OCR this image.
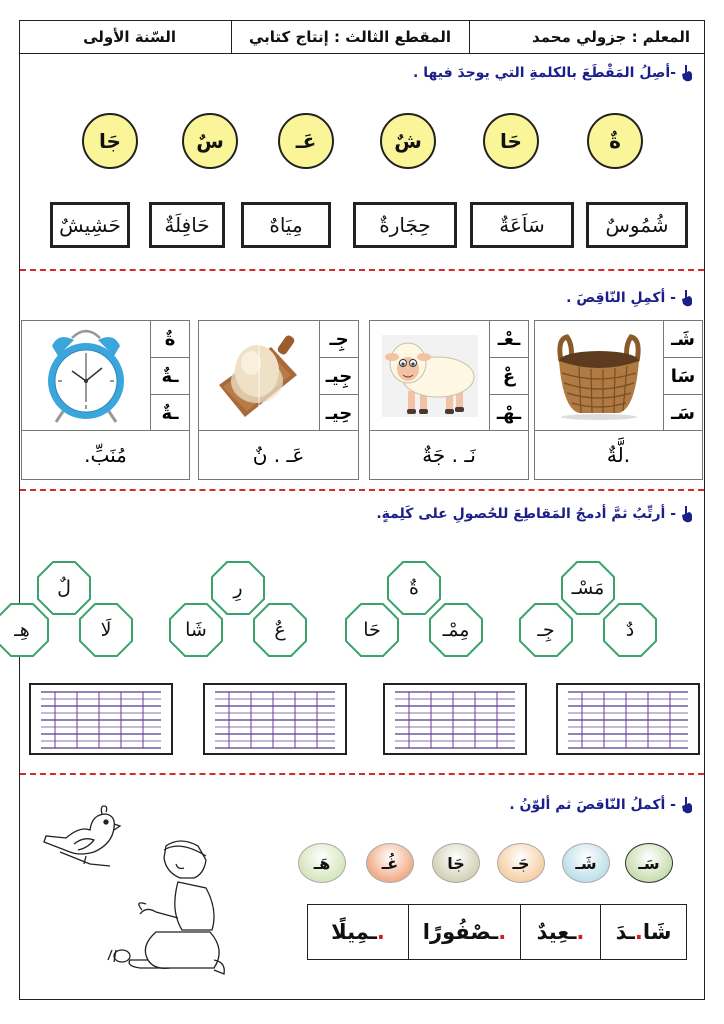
المعلم : جزولي محمد
المقطع الثالث : إنتاج كتابي
السّنة الأولى
-أصِلُ المَقْطَعَ بالكلمةِ التي يوجدَ فيها .
ةٌ
حَا
شٌ
عَـ
سٌ
جَا
شُمُوسٌ
سَاَعَةٌ
حِجَارةٌ
مِيَاهٌ
حَافِلَةٌ
حَشِيشٌ
- أكمِلِ النّاقِصَ .
شَـ
سَا
سَـ
.لَّةٌ
ـعْـ
عْ
ـهْـ
نَـ . جَةٌ
جِـ
جِيـ
حِيـ
عَـ . نٌ
ةٌ
ـةٌ
ـةٌ
مُنَبِّ.
- أرتِّبُ ثمَّ أدمجُ المَقاطِعَ للحُصولِ على كَلِمةٍ.
جِـ	دٌ
مَسْـ
حَا	مِمْـ
ةٌ
شَا	عٌ
رِ
هِـ	لَا
لٌ
- أكملُ النّاقصَ ثم ألوّنُ .
سَـ
شَـ
جَـ
جَا
غُـ
هَـ
شَا
.
ـدَ
.
ـعِيدٌ
.
ـصْفُورًا
.
ـمِيلًا
